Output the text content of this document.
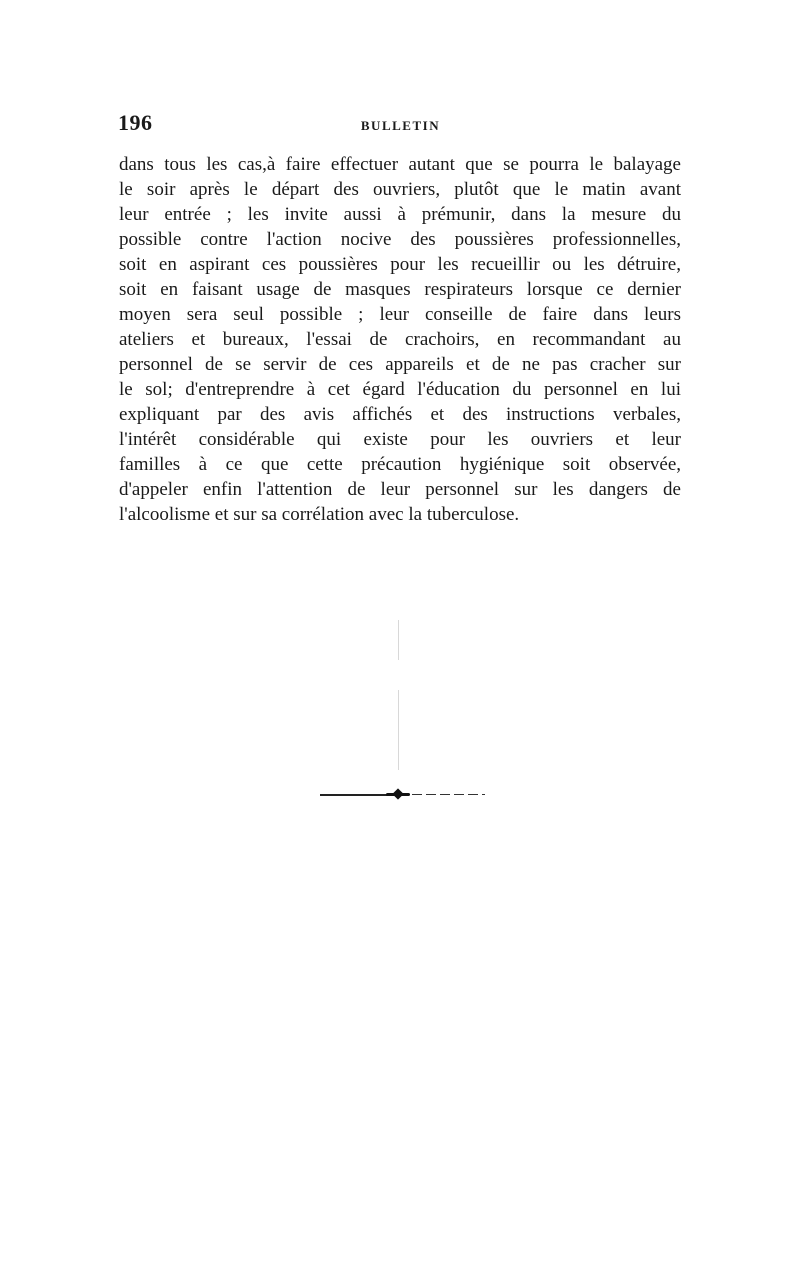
196	BULLETIN
dans tous les cas,à faire effectuer autant que se pourra le balayage
le soir après le départ des ouvriers, plutôt que le matin avant
leur entrée ; les invite aussi à prémunir, dans la mesure du
possible contre l'action nocive des poussières professionnelles,
soit en aspirant ces poussières pour les recueillir ou les détruire,
soit en faisant usage de masques respirateurs lorsque ce dernier
moyen sera seul possible ; leur conseille de faire dans leurs
ateliers et bureaux, l'essai de crachoirs, en recommandant au
personnel de se servir de ces appareils et de ne pas cracher sur
le sol; d'entreprendre à cet égard l'éducation du personnel en lui
expliquant par des avis affichés et des instructions verbales,
l'intérêt considérable qui existe pour les ouvriers et leur
familles à ce que cette précaution hygiénique soit observée,
d'appeler enfin l'attention de leur personnel sur les dangers de
l'alcoolisme et sur sa corrélation avec la tuberculose.
